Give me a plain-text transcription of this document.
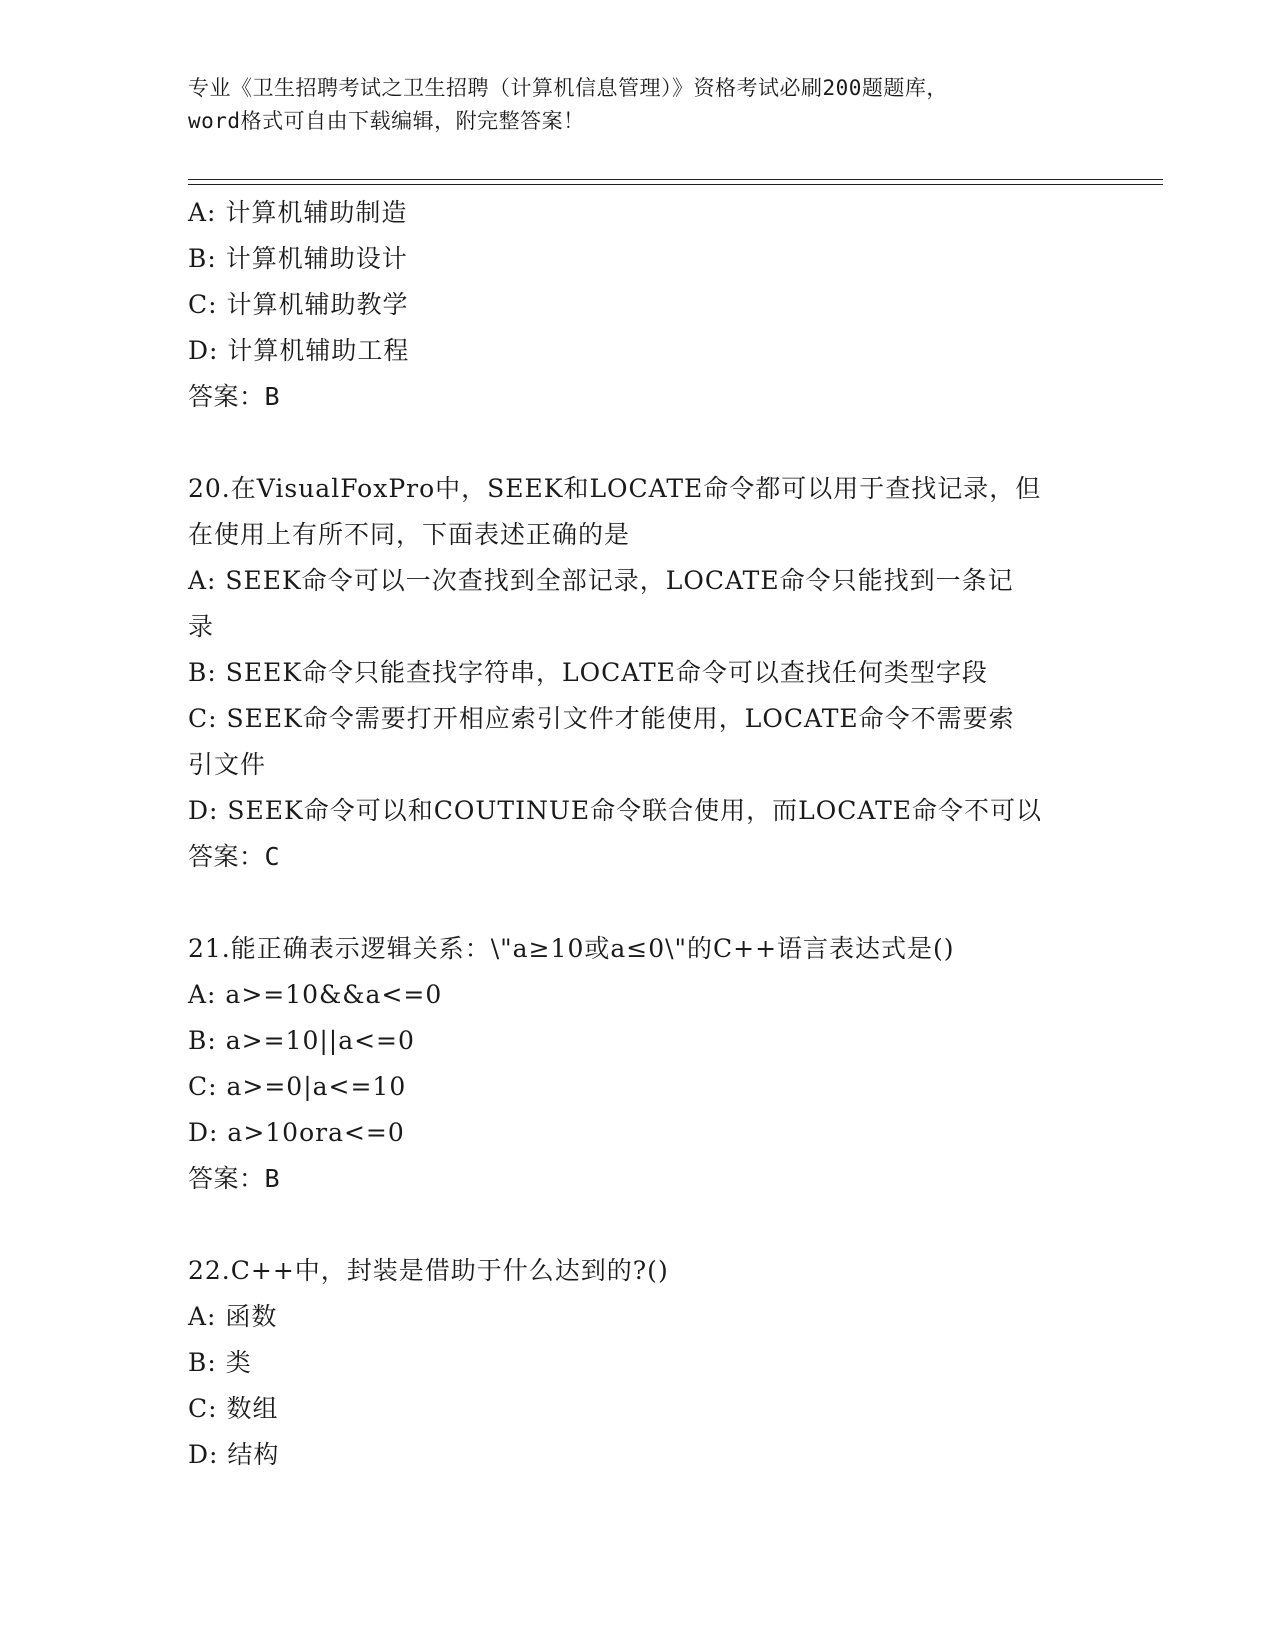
专业《卫生招聘考试之卫生招聘（计算机信息管理）》资格考试必刷200题题库，
word格式可自由下载编辑，附完整答案！
A: 计算机辅助制造
B: 计算机辅助设计
C: 计算机辅助教学
D: 计算机辅助工程
答案：B
20.在VisualFoxPro中，SEEK和LOCATE命令都可以用于查找记录，但
在使用上有所不同，下面表述正确的是
A: SEEK命令可以一次查找到全部记录，LOCATE命令只能找到一条记
录
B: SEEK命令只能查找字符串，LOCATE命令可以查找任何类型字段
C: SEEK命令需要打开相应索引文件才能使用，LOCATE命令不需要索
引文件
D: SEEK命令可以和COUTINUE命令联合使用，而LOCATE命令不可以
答案：C
21.能正确表示逻辑关系：\"a≥10或a≤0\"的C++语言表达式是()
A: a>=10&&a<=0
B: a>=10||a<=0
C: a>=0|a<=10
D: a>10ora<=0
答案：B
22.C++中，封装是借助于什么达到的?()
A: 函数
B: 类
C: 数组
D: 结构
